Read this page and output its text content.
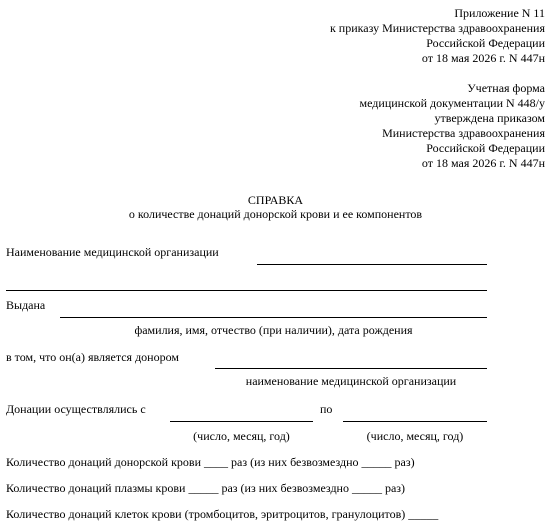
Приложение N 11
к приказу Министерства здравоохранения
Российской Федерации
от 18 мая 2026 г. N 447н
Учетная форма
медицинской документации N 448/у
утверждена приказом
Министерства здравоохранения
Российской Федерации
от 18 мая 2026 г. N 447н
СПРАВКА
о количестве донаций донорской крови и ее компонентов
Наименование медицинской организации
Выдана
фамилия, имя, отчество (при наличии), дата рождения
в том, что он(а) является донором
наименование медицинской организации
Донации осуществлялись с	по
(число, месяц, год)	(число, месяц, год)
Количество донаций донорской крови ____ раз (из них безвозмездно _____ раз)
Количество донаций плазмы крови _____ раз (из них безвозмездно _____ раз)
Количество донаций клеток крови (тромбоцитов, эритроцитов, гранулоцитов) _____
